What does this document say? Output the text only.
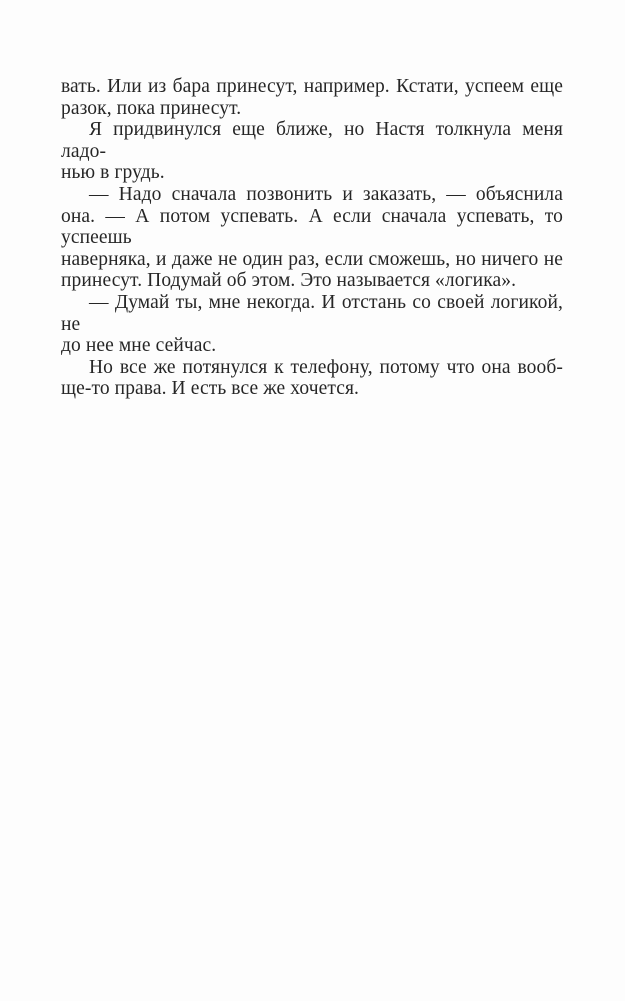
вать. Или из бара принесут, например. Кстати, успеем еще
разок, пока принесут.
Я придвинулся еще ближе, но Настя толкнула меня ладо-
нью в грудь.
— Надо сначала позвонить и заказать, — объяснила
она. — А потом успевать. А если сначала успевать, то успеешь
наверняка, и даже не один раз, если сможешь, но ничего не
принесут. Подумай об этом. Это называется «логика».
— Думай ты, мне некогда. И отстань со своей логикой, не
до нее мне сейчас.
Но все же потянулся к телефону, потому что она вооб-
ще-то права. И есть все же хочется.
